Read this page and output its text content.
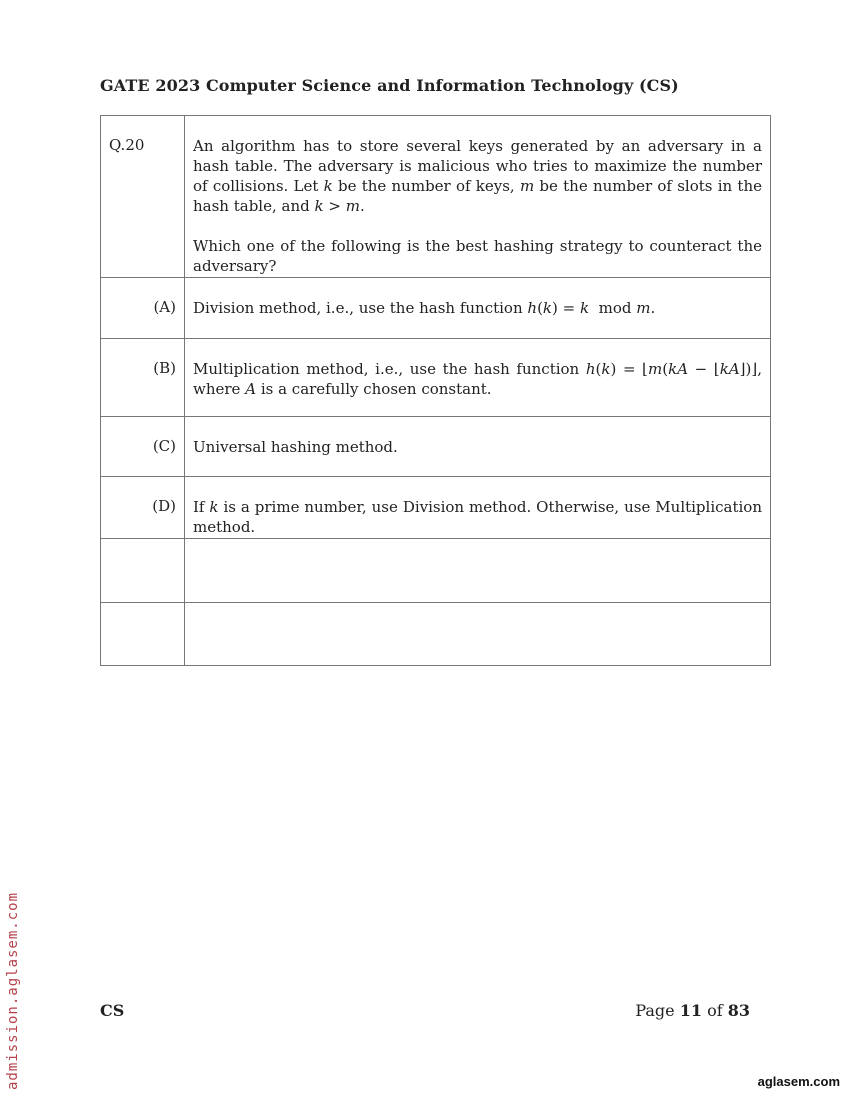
GATE 2023 Computer Science and Information Technology (CS)
Q.20	An algorithm has to store several keys generated by an adversary in a hash table. The adversary is malicious who tries to maximize the number of collisions. Let k be the number of keys, m be the number of slots in the hash table, and k > m.

Which one of the following is the best hashing strategy to counteract the adversary?

(A)	Division method, i.e., use the hash function h(k) = k  mod m.
(B)	Multiplication method, i.e., use the hash function h(k) = ⌊m(kA − ⌊kA⌋)⌋, where A is a carefully chosen constant.
(C)	Universal hashing method.
(D)	If k is a prime number, use Division method. Otherwise, use Multiplication method.

CS	Page 11 of 83
admission.aglasem.com	aglasem.com
